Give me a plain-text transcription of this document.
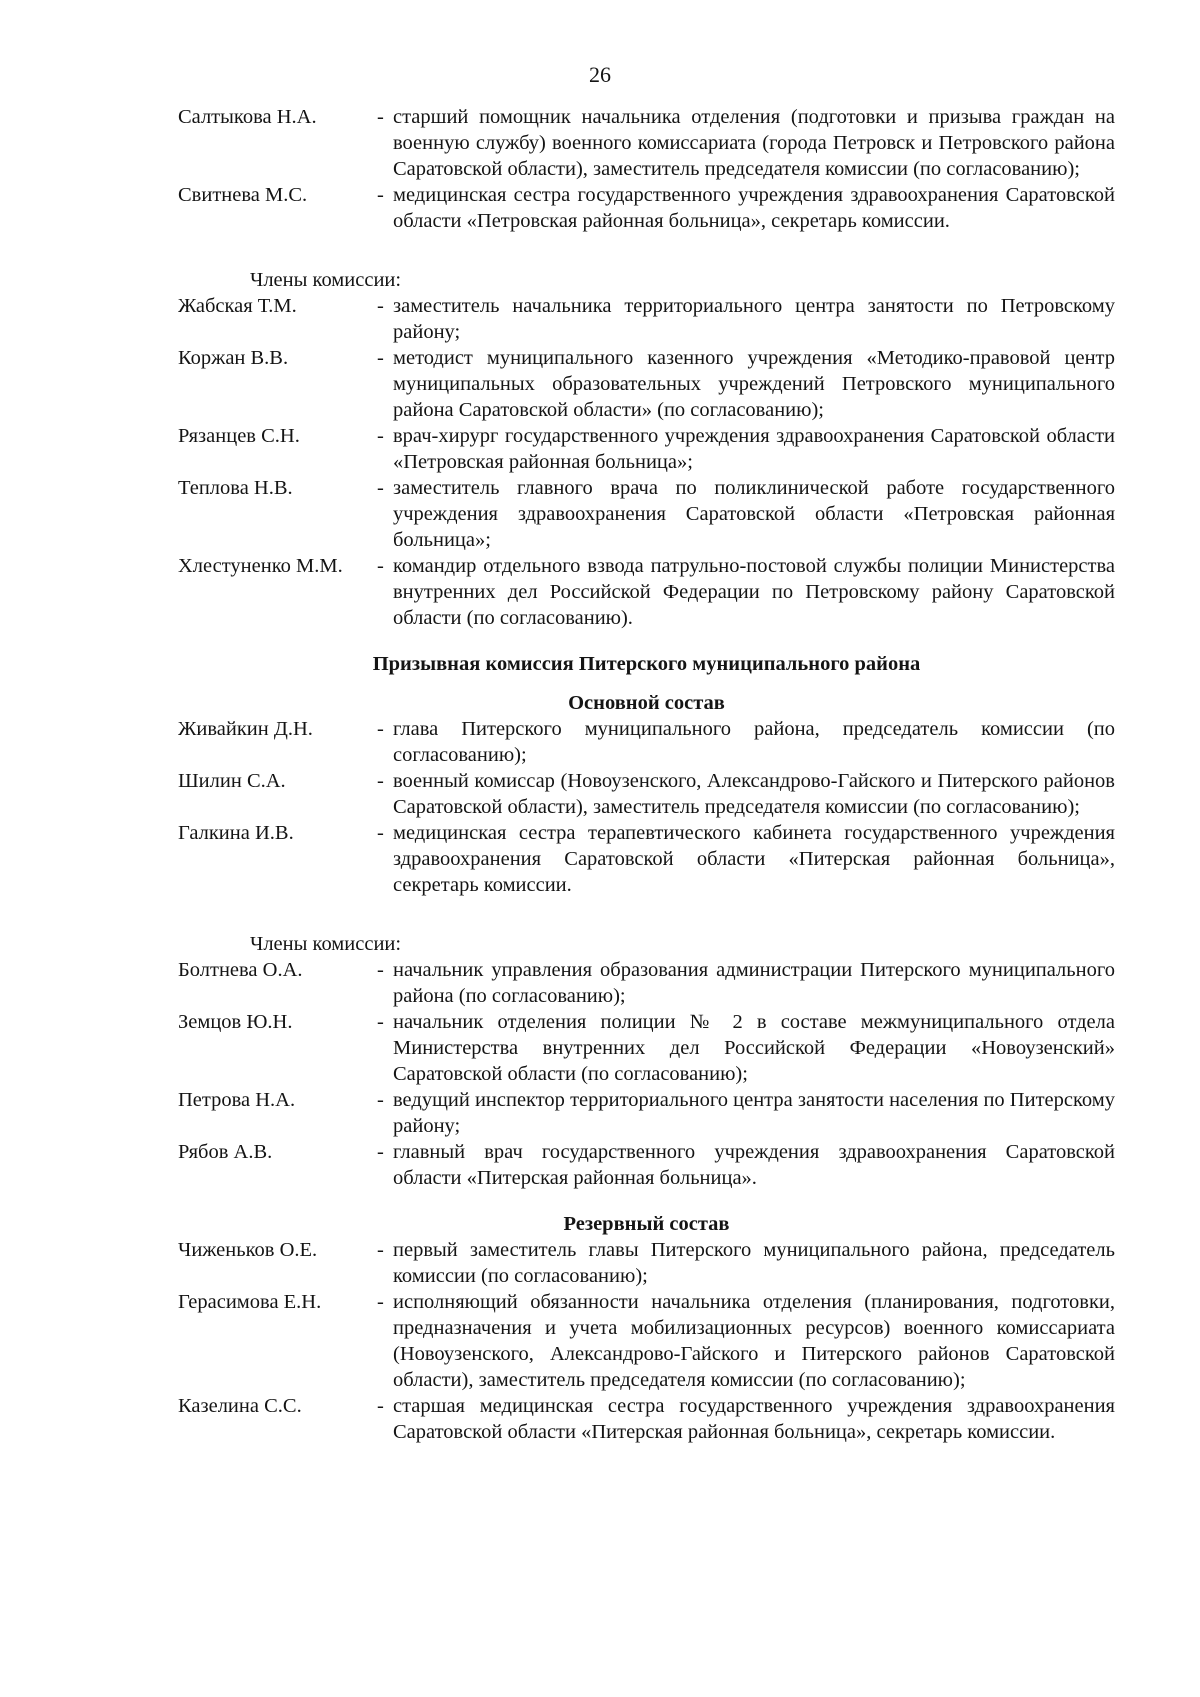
26
Салтыкова Н.А.	- старший помощник начальника отделения (подготовки и призыва граждан на военную службу) военного комиссариата (города Петровск и Петровского района Саратовской области), заместитель председателя комиссии (по согласованию);
Свитнева М.С.	- медицинская сестра государственного учреждения здравоохранения Саратовской области «Петровская районная больница», секретарь комиссии.
Члены комиссии:
Жабская Т.М.	- заместитель начальника территориального центра занятости по Петровскому району;
Коржан В.В.	- методист муниципального казенного учреждения «Методико-правовой центр муниципальных образовательных учреждений Петровского муниципального района Саратовской области» (по согласованию);
Рязанцев С.Н.	- врач-хирург государственного учреждения здравоохранения Саратовской области «Петровская районная больница»;
Теплова Н.В.	- заместитель главного врача по поликлинической работе государственного учреждения здравоохранения Саратовской области «Петровская районная больница»;
Хлестуненко М.М. - командир отдельного взвода патрульно-постовой службы полиции Министерства внутренних дел Российской Федерации по Петровскому району Саратовской области (по согласованию).
Призывная комиссия Питерского муниципального района
Основной состав
Живайкин Д.Н.	- глава Питерского муниципального района, председатель комиссии (по согласованию);
Шилин С.А.	- военный комиссар (Новоузенского, Александрово-Гайского и Питерского районов Саратовской области), заместитель председателя комиссии (по согласованию);
Галкина И.В.	- медицинская сестра терапевтического кабинета государственного учреждения здравоохранения Саратовской области «Питерская районная больница», секретарь комиссии.
Члены комиссии:
Болтнева О.А.	- начальник управления образования администрации Питерского муниципального района (по согласованию);
Земцов Ю.Н.	- начальник отделения полиции № 2 в составе межмуниципального отдела Министерства внутренних дел Российской Федерации «Новоузенский» Саратовской области (по согласованию);
Петрова Н.А.	- ведущий инспектор территориального центра занятости населения по Питерскому району;
Рябов А.В.	- главный врач государственного учреждения здравоохранения Саратовской области «Питерская районная больница».
Резервный состав
Чиженьков О.Е.	- первый заместитель главы Питерского муниципального района, председатель комиссии (по согласованию);
Герасимова Е.Н.	- исполняющий обязанности начальника отделения (планирования, подготовки, предназначения и учета мобилизационных ресурсов) военного комиссариата (Новоузенского, Александрово-Гайского и Питерского районов Саратовской области), заместитель председателя комиссии (по согласованию);
Казелина С.С.	- старшая медицинская сестра государственного учреждения здравоохранения Саратовской области «Питерская районная больница», секретарь комиссии.
